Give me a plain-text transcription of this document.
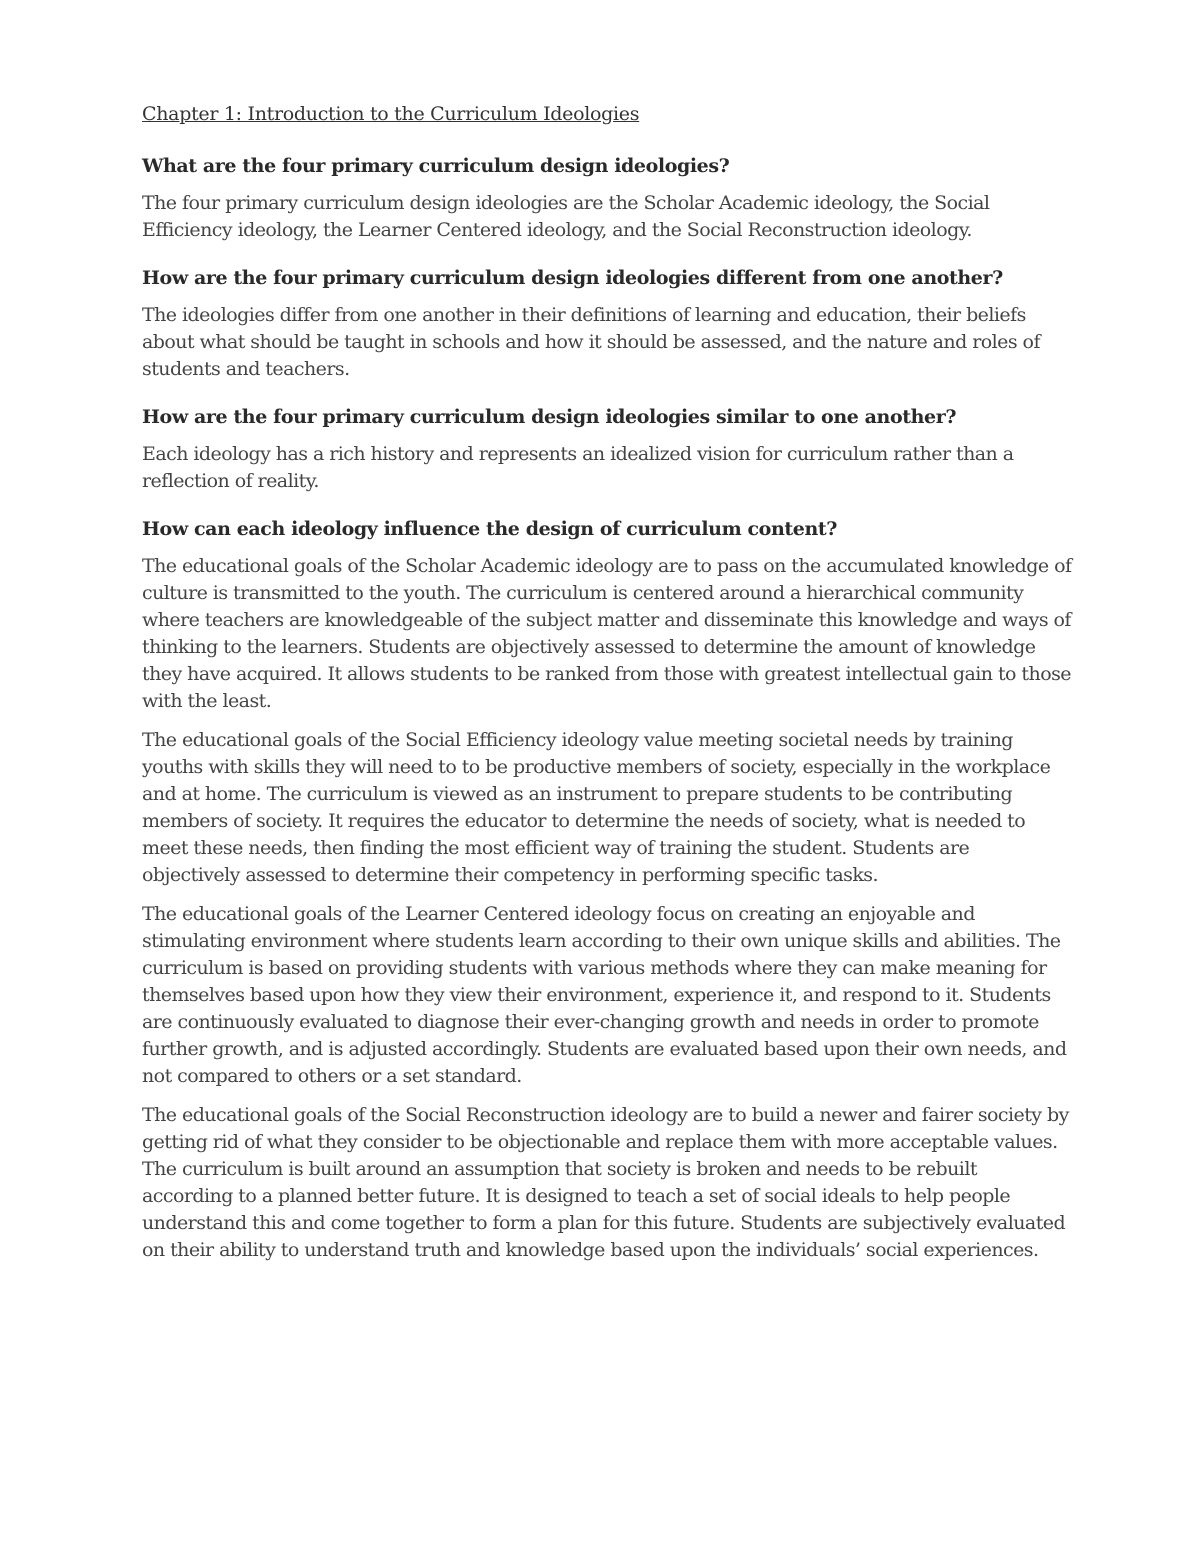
Chapter 1: Introduction to the Curriculum Ideologies
What are the four primary curriculum design ideologies?
The four primary curriculum design ideologies are the Scholar Academic ideology, the Social Efficiency ideology, the Learner Centered ideology, and the Social Reconstruction ideology.
How are the four primary curriculum design ideologies different from one another?
The ideologies differ from one another in their definitions of learning and education, their beliefs about what should be taught in schools and how it should be assessed, and the nature and roles of students and teachers.
How are the four primary curriculum design ideologies similar to one another?
Each ideology has a rich history and represents an idealized vision for curriculum rather than a reflection of reality.
How can each ideology influence the design of curriculum content?
The educational goals of the Scholar Academic ideology are to pass on the accumulated knowledge of culture is transmitted to the youth. The curriculum is centered around a hierarchical community where teachers are knowledgeable of the subject matter and disseminate this knowledge and ways of thinking to the learners. Students are objectively assessed to determine the amount of knowledge they have acquired. It allows students to be ranked from those with greatest intellectual gain to those with the least.
The educational goals of the Social Efficiency ideology value meeting societal needs by training youths with skills they will need to to be productive members of society, especially in the workplace and at home. The curriculum is viewed as an instrument to prepare students to be contributing members of society. It requires the educator to determine the needs of society, what is needed to meet these needs, then finding the most efficient way of training the student. Students are objectively assessed to determine their competency in performing specific tasks.
The educational goals of the Learner Centered ideology focus on creating an enjoyable and stimulating environment where students learn according to their own unique skills and abilities. The curriculum is based on providing students with various methods where they can make meaning for themselves based upon how they view their environment, experience it, and respond to it. Students are continuously evaluated to diagnose their ever-changing growth and needs in order to promote further growth, and is adjusted accordingly. Students are evaluated based upon their own needs, and not compared to others or a set standard.
The educational goals of the Social Reconstruction ideology are to build a newer and fairer society by getting rid of what they consider to be objectionable and replace them with more acceptable values. The curriculum is built around an assumption that society is broken and needs to be rebuilt according to a planned better future. It is designed to teach a set of social ideals to help people understand this and come together to form a plan for this future. Students are subjectively evaluated on their ability to understand truth and knowledge based upon the individuals’ social experiences.
